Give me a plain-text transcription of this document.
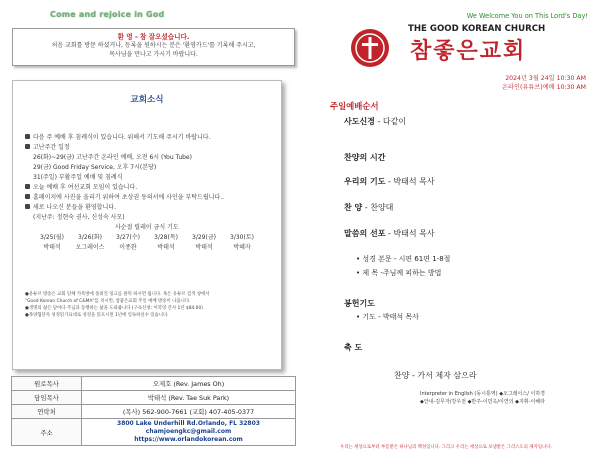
Come and rejoice in God
환 영 - 참 잘오셨습니다.
처음 교회를 방문 하셨거나, 등록을 원하시는 분은 '환영카드'를 기록해 주시고,
목사님을 만나고 가시기 바랍니다.
교회소식
다음 주 예배 후 침례식이 있습니다. 위해서 기도해 주시기 바랍니다.
고난주간 일정
26(화)~29(금) 고난주간 온라인 예배, 오전 6시 (You Tube)
29(금) Good Friday Service, 오후 7시(본당)
31(주일) 부활주일 예배 및 침례식
오늘 예배 후 여선교회 모임이 있습니다.
홈페이지에 사진을 올리기 위하여 초상권 동의서에 사인을 부탁드립니다..
새로 나오신 분들을 환영합니다.
(지난주: 정현숙 권사, 신성숙 사모)
사순절 릴레이 금식 기도
3/25(월)	3/26(화)	3/27(수)	3/28(목)	3/29(금)	3/30(토)
박태석	오그레이스	이종완	박태석	박태석	박혜자
●유튜브 방송은 교회 단체 카톡방에 올려진 링크를 클릭 하시면 됩니다. 혹은 유튜브 검색 창에서
"Good Korean Church of C&MA"를 치시면, 참좋은교회 주일 예배 방송이 나옵니다.
●생명의 삶은 닫아다 주님과 동행하는 삶을 도와줍니다 (구독신청: 이학영 간사 1년 $84.00)
●목양협단자 성경읽기표대로 성경을 읽으시면 1년에 일독하실수 있습니다.
원로목사	오제호 (Rev. James Oh)
담임목사	박태석 (Rev. Tae Suk Park)
연락처	(목사) 562-900-7661 (교회) 407-405-0377
주소	3800 Lake Underhill Rd.Orlando, FL 32803
chamjoengkc@gmail.com
https://www.orlandokorean.com
We Welcome You on This Lord's Day!
THE GOOD KOREAN CHURCH
참좋은교회
2024년 3월 24일 10:30 AM
온라인(유튜브)예배 10:30 AM
주일예배순서
사도신경 - 다같이
찬양의 시간
우리의 기도 - 박태석 목사
찬 양 - 찬양대
말씀의 선포 - 박태석 목사
• 성경 본문 - 시편 61편 1-8절
• 제 목 -주님께 피하는 방법
봉헌기도
• 기도 - 박태석 목사
축 도
찬양 - 가서 제자 삼으라
Interpreter in English (동시통역) ◆오그레이스/ 이하경
◆안내-김무자/강우전 ◆반주-이민옥/이연의 ◆지휘-이혜라
우리는 세상으로부터 부름받은 하나님의 백성입니다. 그리고 우리는 세상으로 보냄받은 그리스도의 제자입니다.
